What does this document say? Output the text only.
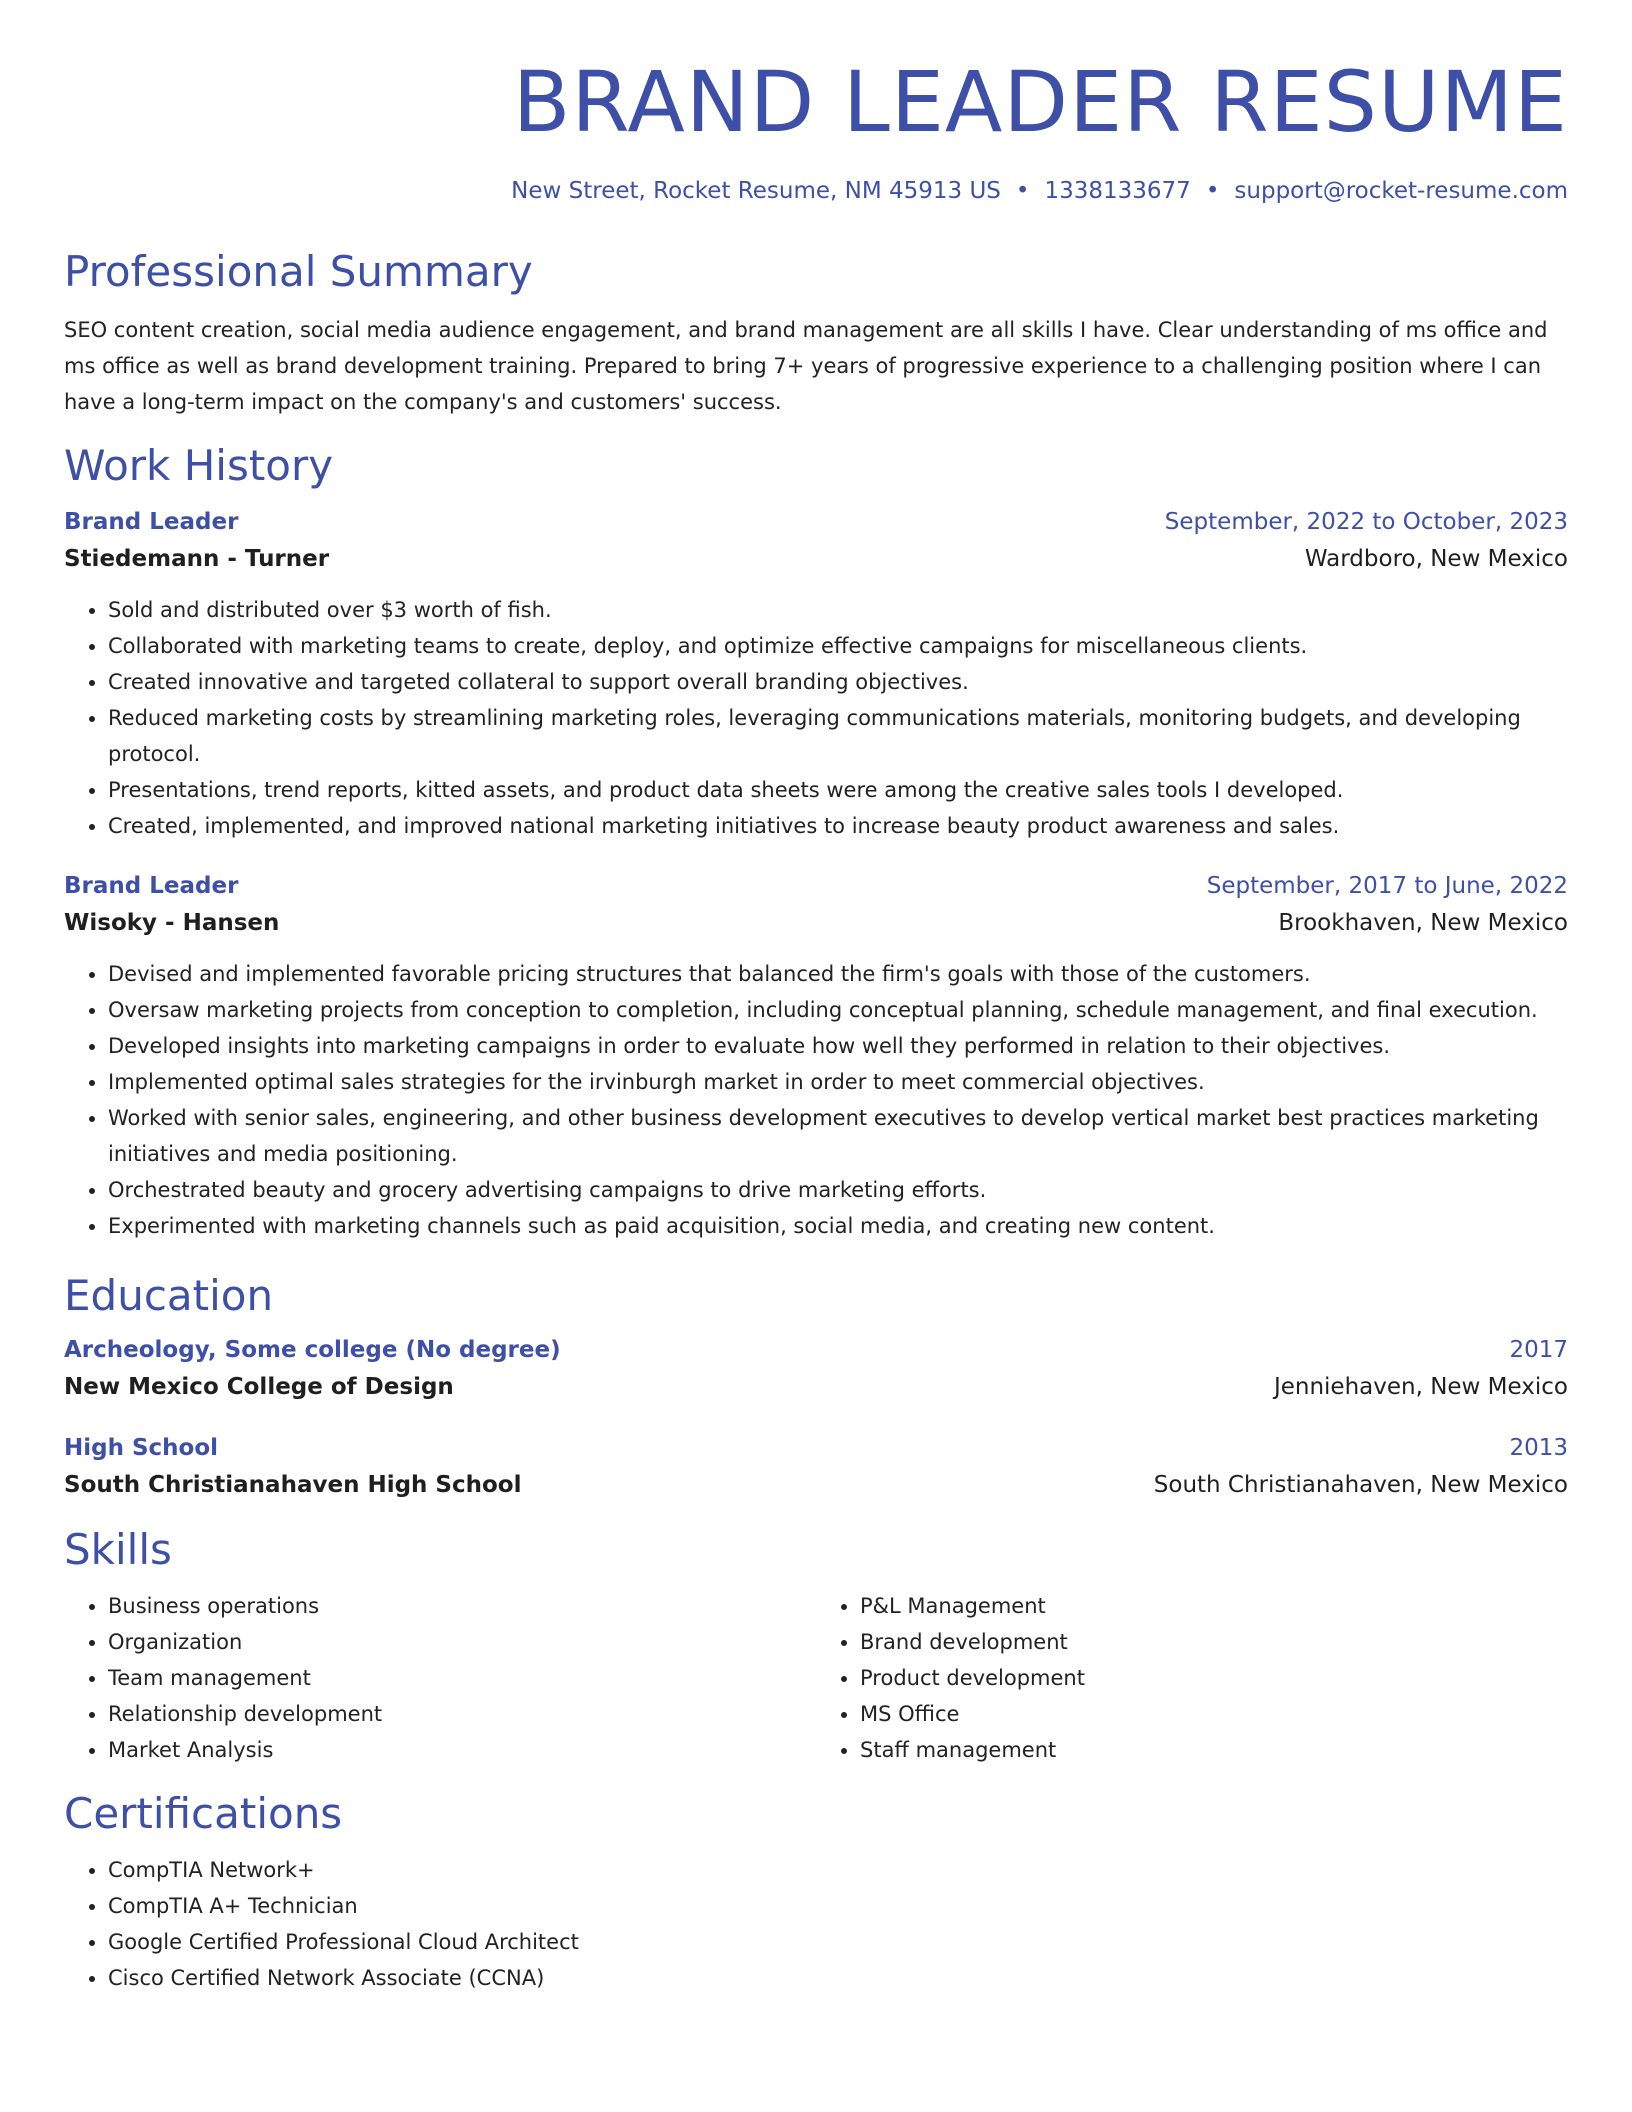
BRAND LEADER RESUME
New Street, Rocket Resume, NM 45913 US • 1338133677 • support@rocket-resume.com
Professional Summary

SEO content creation, social media audience engagement, and brand management are all skills I have. Clear understanding of ms office and ms office as well as brand development training. Prepared to bring 7+ years of progressive experience to a challenging position where I can have a long-term impact on the company's and customers' success.

Work History
Brand Leader	September, 2022 to October, 2023
Stiedemann - Turner	Wardboro, New Mexico
• Sold and distributed over $3 worth of fish.
• Collaborated with marketing teams to create, deploy, and optimize effective campaigns for miscellaneous clients.
• Created innovative and targeted collateral to support overall branding objectives.
• Reduced marketing costs by streamlining marketing roles, leveraging communications materials, monitoring budgets, and developing protocol.
• Presentations, trend reports, kitted assets, and product data sheets were among the creative sales tools I developed.
• Created, implemented, and improved national marketing initiatives to increase beauty product awareness and sales.
Brand Leader	September, 2017 to June, 2022
Wisoky - Hansen	Brookhaven, New Mexico
• Devised and implemented favorable pricing structures that balanced the firm's goals with those of the customers.
• Oversaw marketing projects from conception to completion, including conceptual planning, schedule management, and final execution.
• Developed insights into marketing campaigns in order to evaluate how well they performed in relation to their objectives.
• Implemented optimal sales strategies for the irvinburgh market in order to meet commercial objectives.
• Worked with senior sales, engineering, and other business development executives to develop vertical market best practices marketing initiatives and media positioning.
• Orchestrated beauty and grocery advertising campaigns to drive marketing efforts.
• Experimented with marketing channels such as paid acquisition, social media, and creating new content.
Education
Archeology, Some college (No degree)	2017
New Mexico College of Design	Jenniehaven, New Mexico
High School	2013
South Christianahaven High School	South Christianahaven, New Mexico
Skills
• Business operations
• Organization
• Team management
• Relationship development
• Market Analysis
• P&L Management
• Brand development
• Product development
• MS Office
• Staff management
Certifications
• CompTIA Network+
• CompTIA A+ Technician
• Google Certified Professional Cloud Architect
• Cisco Certified Network Associate (CCNA)
